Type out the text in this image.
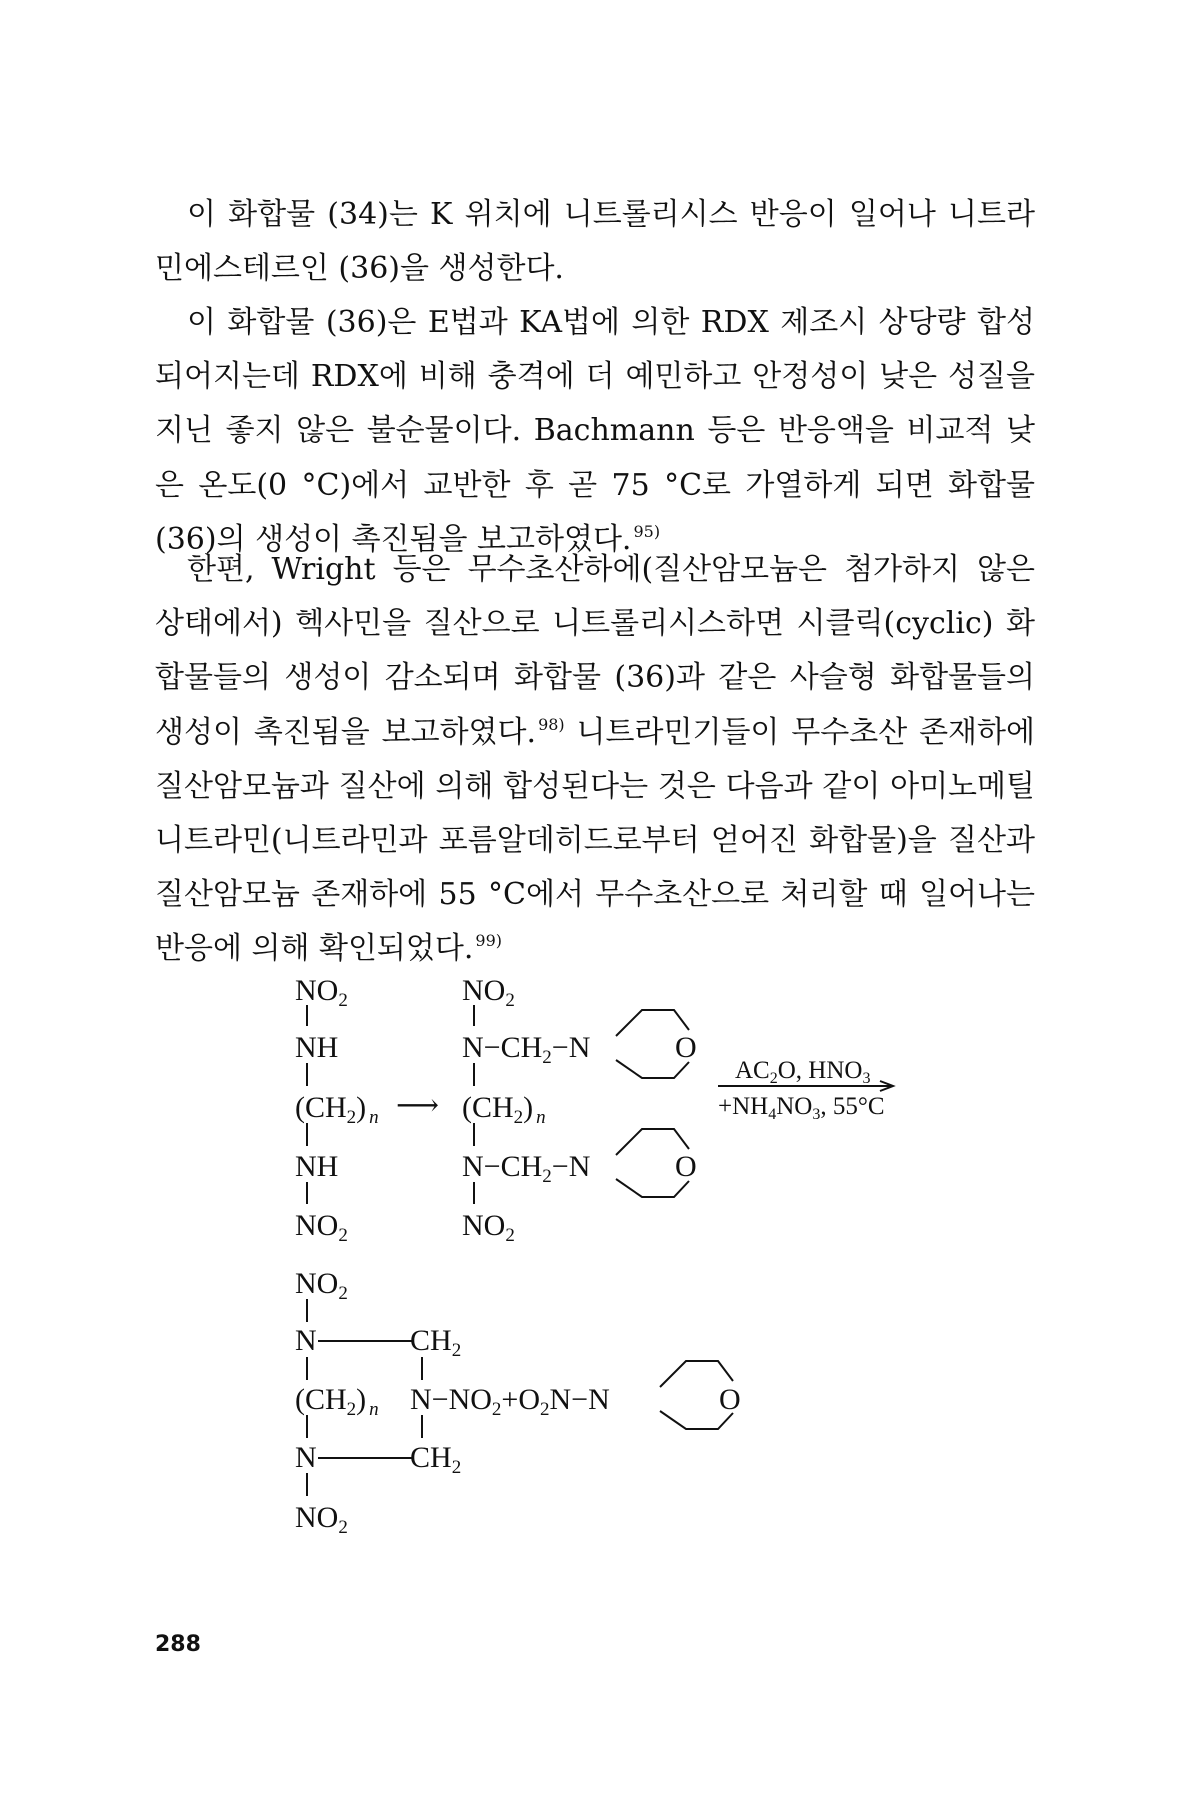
이 화합물 (34)는 K 위치에 니트롤리시스 반응이 일어나 니트라민에스테르인 (36)을 생성한다.

이 화합물 (36)은 E법과 KA법에 의한 RDX 제조시 상당량 합성되어지는데 RDX에 비해 충격에 더 예민하고 안정성이 낮은 성질을 지닌 좋지 않은 불순물이다. Bachmann 등은 반응액을 비교적 낮은 온도(0 °C)에서 교반한 후 곧 75 °C로 가열하게 되면 화합물 (36)의 생성이 촉진됨을 보고하였다. $^{95)}$

한편, Wright 등은 무수초산하에(질산암모늄은 첨가하지 않은 상태에서) 헥사민을 질산으로 니트롤리시스하면 시클릭(cyclic) 화합물들의 생성이 감소되며 화합물 (36)과 같은 사슬형 화합물들의 생성이 촉진됨을 보고하였다. $^{98)}$ 니트라민기들이 무수초산 존재하에 질산암모늄과 질산에 의해 합성된다는 것은 다음과 같이 아미노메틸니트라민(니트라민과 포름알데히드로부터 얻어진 화합물)을 질산과 질산암모늄 존재하에 55 °C에서 무수초산으로 처리할 때 일어나는 반응에 의해 확인되었다. $^{99)}$

$NO_2$
NH
$(CH_2)$ $_n$
NH
$NO_2$
⟶
$NO_2$
$N-CH_2-N$	O
$(CH_2)$ $_n$
$N-CH_2-N$	O
$NO_2$
$AC_2O$, $HNO_3$
$+NH_4NO_3$, 55°C
$NO_2$
N	$CH_2$
$(CH_2)$ $_n$ $N-NO_2+O_2N-N$	O
N	$CH_2$
$NO_2$
288
